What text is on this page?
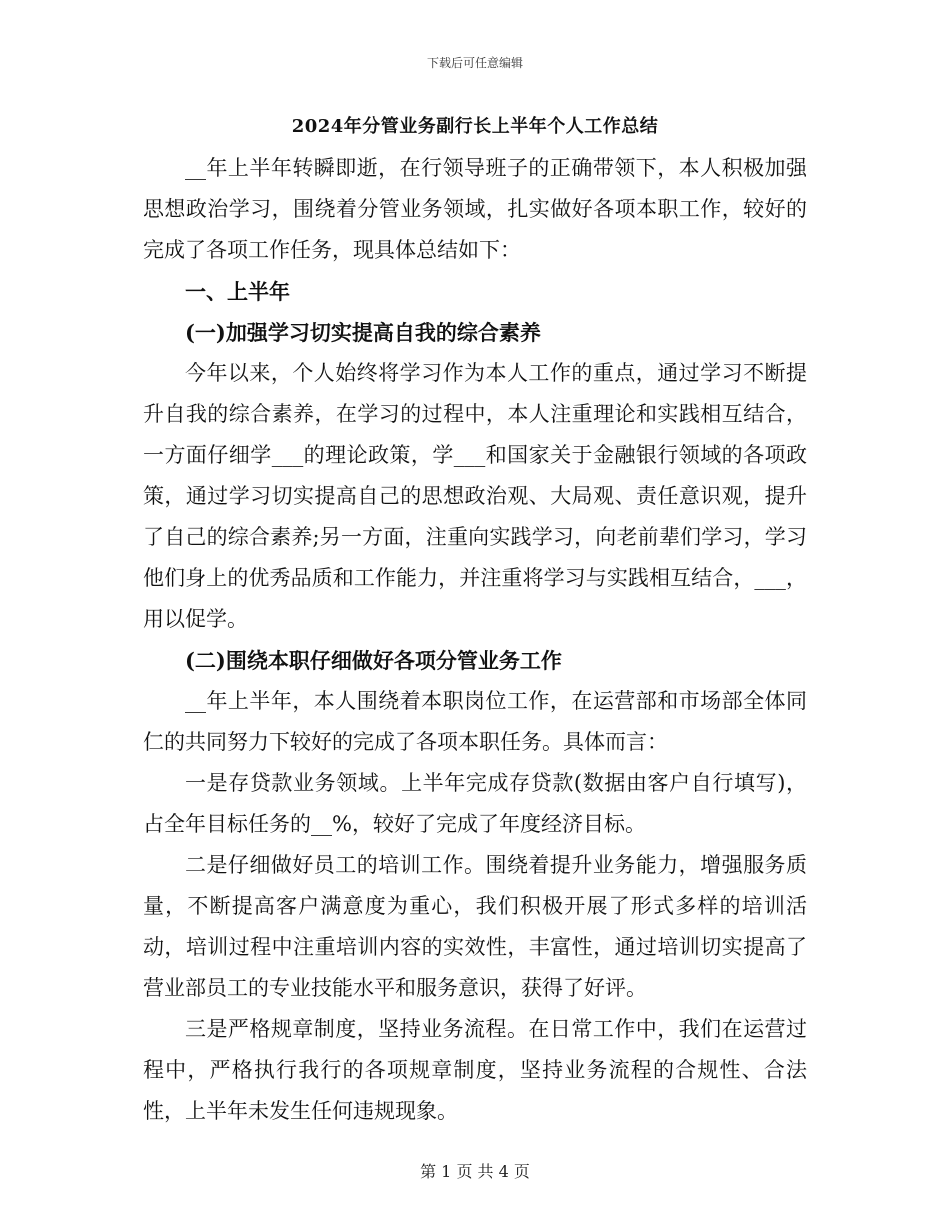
下载后可任意编辑
2024年分管业务副行长上半年个人工作总结

__年上半年转瞬即逝，在行领导班子的正确带领下，本人积极加强思想政治学习，围绕着分管业务领域，扎实做好各项本职工作，较好的完成了各项工作任务，现具体总结如下：

一、上半年

(一)加强学习切实提高自我的综合素养

今年以来，个人始终将学习作为本人工作的重点，通过学习不断提升自我的综合素养，在学习的过程中，本人注重理论和实践相互结合，一方面仔细学___的理论政策，学___和国家关于金融银行领域的各项政策，通过学习切实提高自己的思想政治观、大局观、责任意识观，提升了自己的综合素养;另一方面，注重向实践学习，向老前辈们学习，学习他们身上的优秀品质和工作能力，并注重将学习与实践相互结合，___，用以促学。

(二)围绕本职仔细做好各项分管业务工作

__年上半年，本人围绕着本职岗位工作，在运营部和市场部全体同仁的共同努力下较好的完成了各项本职任务。具体而言：

一是存贷款业务领域。上半年完成存贷款(数据由客户自行填写)，占全年目标任务的__%，较好了完成了年度经济目标。

二是仔细做好员工的培训工作。围绕着提升业务能力，增强服务质量，不断提高客户满意度为重心，我们积极开展了形式多样的培训活动，培训过程中注重培训内容的实效性，丰富性，通过培训切实提高了营业部员工的专业技能水平和服务意识，获得了好评。

三是严格规章制度，坚持业务流程。在日常工作中，我们在运营过程中，严格执行我行的各项规章制度，坚持业务流程的合规性、合法性，上半年未发生任何违规现象。

第 1 页 共 4 页
